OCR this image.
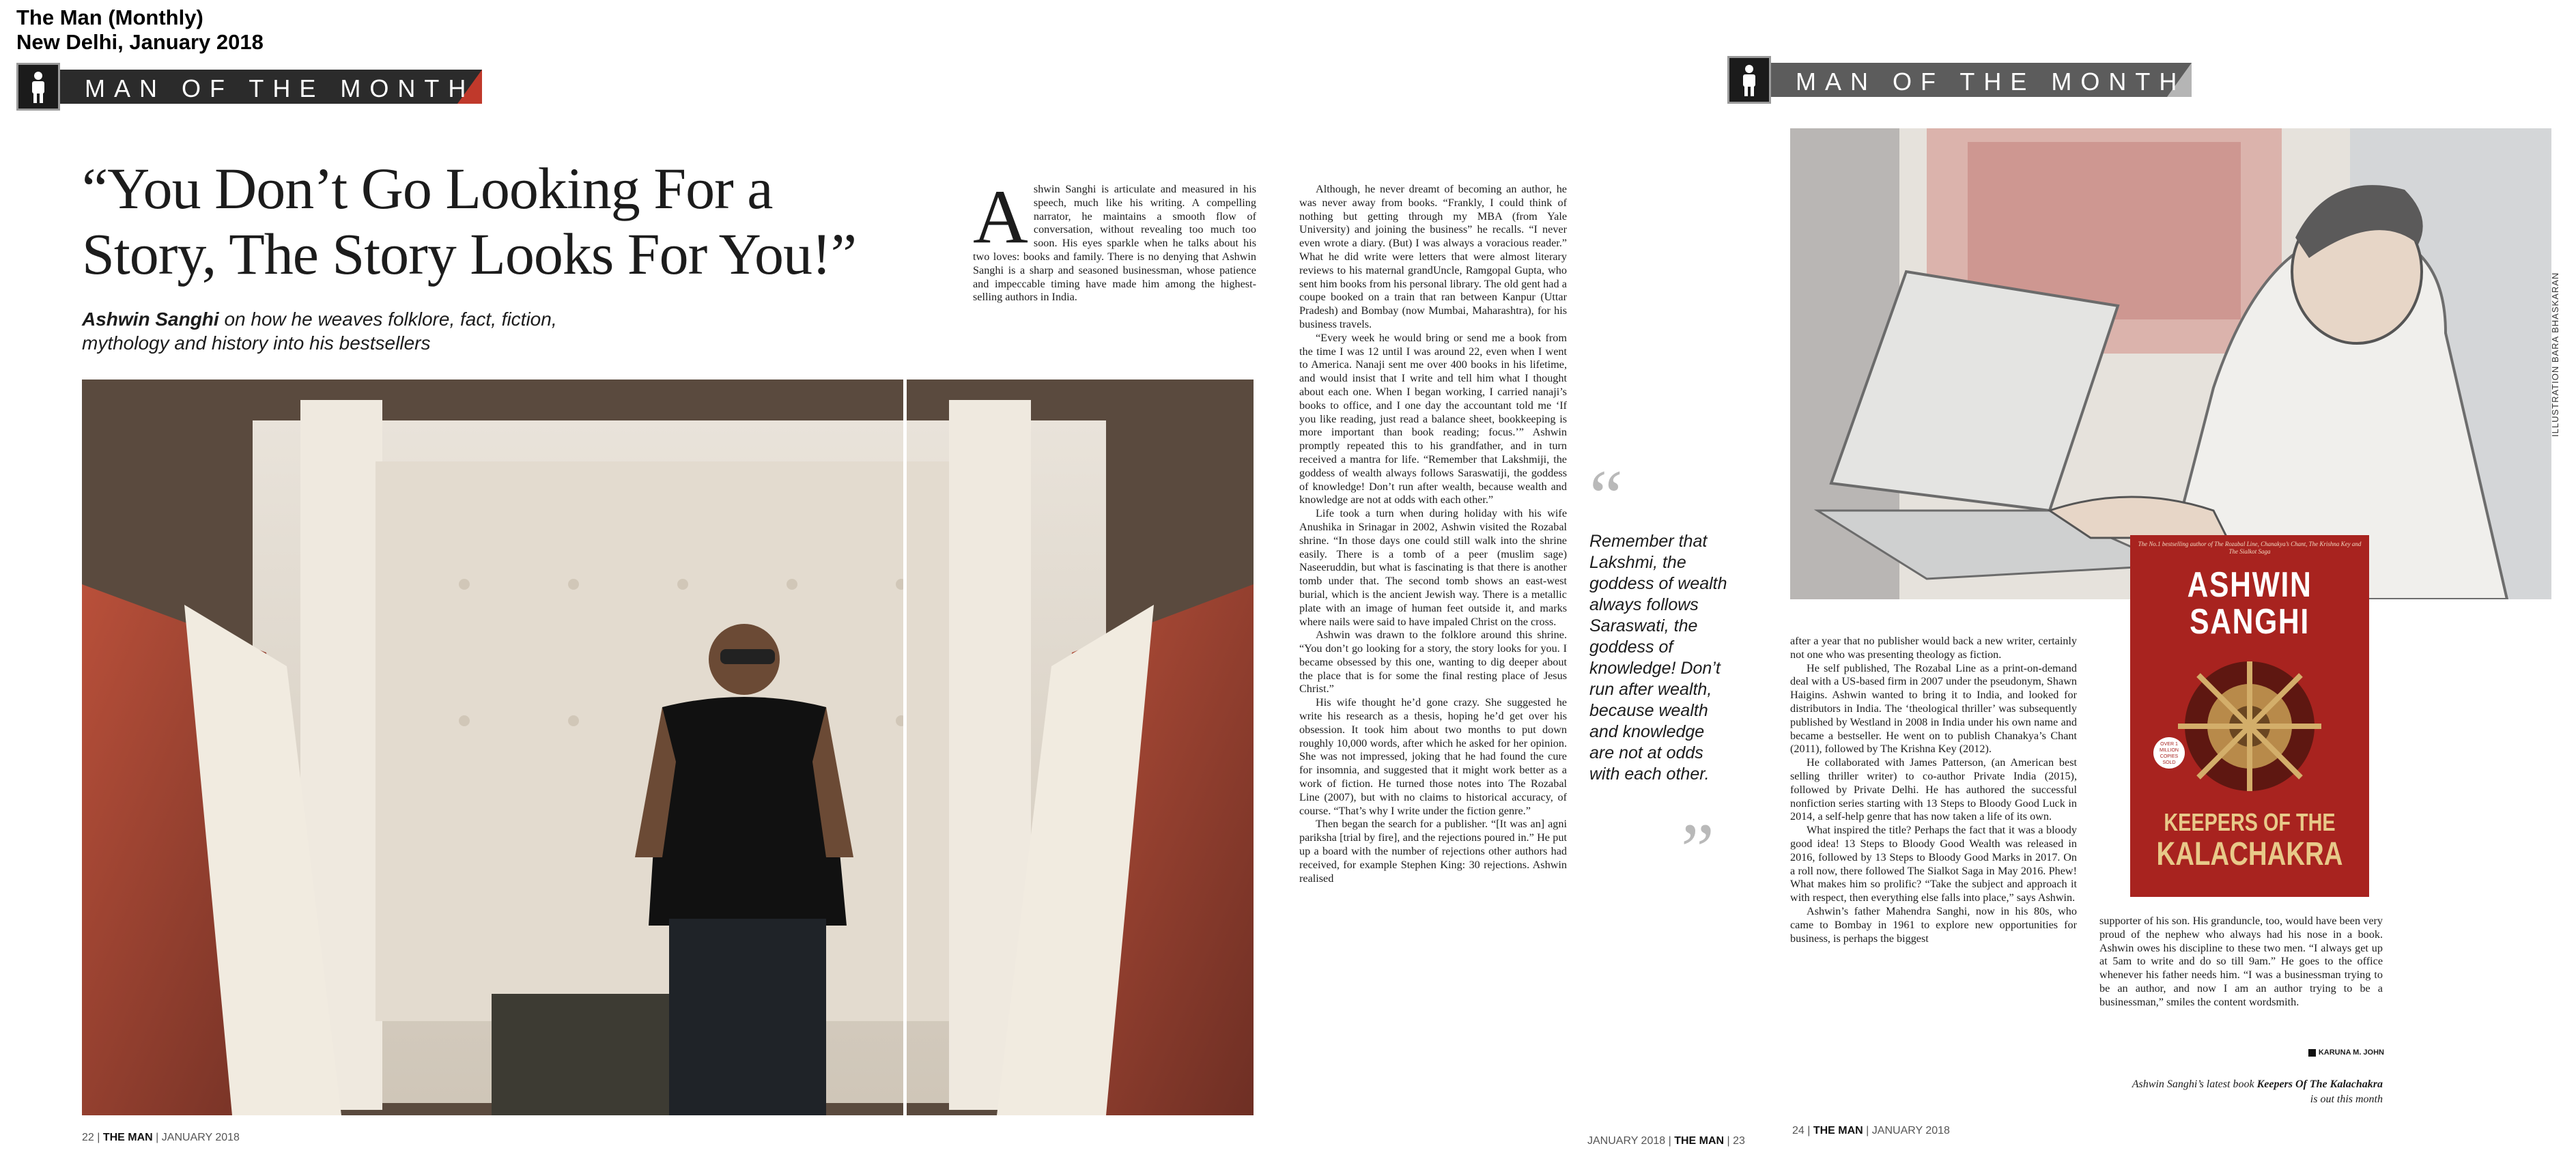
The Man (Monthly)
New Delhi, January 2018
MAN OF THE MONTH	MAN OF THE MONTH
“You Don’t Go Looking For a Story, The Story Looks For You!”
Ashwin Sanghi on how he weaves folklore, fact, fiction, mythology and history into his bestsellers
A shwin Sanghi is articulate and measured in his speech, much like his writing. A compelling narrator, he maintains a smooth flow of conversation, without revealing too much too soon. His eyes sparkle when he talks about his two loves: books and family. There is no denying that Ashwin Sanghi is a sharp and seasoned businessman, whose patience and impeccable timing have made him among the highest-selling authors in India.

Although, he never dreamt of becoming an author, he was never away from books. “Frankly, I could think of nothing but getting through my MBA (from Yale University) and joining the business” he recalls. “I never even wrote a diary. (But) I was always a voracious reader.” What he did write were letters that were almost literary reviews to his maternal grandUncle, Ramgopal Gupta, who sent him books from his personal library. The old gent had a coupe booked on a train that ran between Kanpur (Uttar Pradesh) and Bombay (now Mumbai, Maharashtra), for his business travels.

“Every week he would bring or send me a book from the time I was 12 until I was around 22, even when I went to America. Nanaji sent me over 400 books in his lifetime, and would insist that I write and tell him what I thought about each one. When I began working, I carried nanaji’s books to office, and I one day the accountant told me ‘If you like reading, just read a balance sheet, bookkeeping is more important than book reading; focus.’” Ashwin promptly repeated this to his grandfather, and in turn received a mantra for life. “Remember that Lakshmiji, the goddess of wealth always follows Saraswatiji, the goddess of knowledge! Don’t run after wealth, because wealth and knowledge are not at odds with each other.”

Life took a turn when during holiday with his wife Anushika in Srinagar in 2002, Ashwin visited the Rozabal shrine. “In those days one could still walk into the shrine easily. There is a tomb of a peer (muslim sage) Naseeruddin, but what is fascinating is that there is another tomb under that. The second tomb shows an east-west burial, which is the ancient Jewish way. There is a metallic plate with an image of human feet outside it, and marks where nails were said to have impaled Christ on the cross.

Ashwin was drawn to the folklore around this shrine. “You don’t go looking for a story, the story looks for you. I became obsessed by this one, wanting to dig deeper about the place that is for some the final resting place of Jesus Christ.”

His wife thought he’d gone crazy. She suggested he write his research as a thesis, hoping he’d get over his obsession. It took him about two months to put down roughly 10,000 words, after which he asked for her opinion. She was not impressed, joking that he had found the cure for insomnia, and suggested that it might work better as a work of fiction. He turned those notes into The Rozabal Line (2007), but with no claims to historical accuracy, of course. “That’s why I write under the fiction genre.”

Then began the search for a publisher. “[It was an] agni pariksha [trial by fire], and the rejections poured in.” He put up a board with the number of rejections other authors had received, for example Stephen King: 30 rejections. Ashwin realised

“
Remember that Lakshmi, the goddess of wealth always follows Saraswati, the goddess of knowledge! Don’t run after wealth, because wealth and knowledge are not at odds with each other.
”
22 | THE MAN | JANUARY 2018	JANUARY 2018 | THE MAN | 23
24 | THE MAN | JANUARY 2018
ILLUSTRATION BARA BHASKARAN
The No.1 bestselling author of The Rozabal Line, Chanakya’s Chant, The Krishna Key and The Sialkot Saga
ASHWIN
SANGHI
OVER 1 MILLION COPIES SOLD
KEEPERS OF THE
KALACHAKRA

after a year that no publisher would back a new writer, certainly not one who was presenting theology as fiction.

He self published, The Rozabal Line as a print-on-demand deal with a US-based firm in 2007 under the pseudonym, Shawn Haigins. Ashwin wanted to bring it to India, and looked for distributors in India. The ‘theological thriller’ was subsequently published by Westland in 2008 in India under his own name and became a bestseller. He went on to publish Chanakya’s Chant (2011), followed by The Krishna Key (2012).

He collaborated with James Patterson, (an American best selling thriller writer) to co-author Private India (2015), followed by Private Delhi. He has authored the successful nonfiction series starting with 13 Steps to Bloody Good Luck in 2014, a self-help genre that has now taken a life of its own.

What inspired the title? Perhaps the fact that it was a bloody good idea! 13 Steps to Bloody Good Wealth was released in 2016, followed by 13 Steps to Bloody Good Marks in 2017. On a roll now, there followed The Sialkot Saga in May 2016. Phew! What makes him so prolific? “Take the subject and approach it with respect, then everything else falls into place,” says Ashwin.

Ashwin’s father Mahendra Sanghi, now in his 80s, who came to Bombay in 1961 to explore new opportunities for business, is perhaps the biggest

supporter of his son. His granduncle, too, would have been very proud of the nephew who always had his nose in a book. Ashwin owes his discipline to these two men. “I always get up at 5am to write and do so till 9am.” He goes to the office whenever his father needs him. “I was a businessman trying to be an author, and now I am an author trying to be a businessman,” smiles the content wordsmith.

KARUNA M. JOHN
Ashwin Sanghi’s latest book Keepers Of The Kalachakra
is out this month
